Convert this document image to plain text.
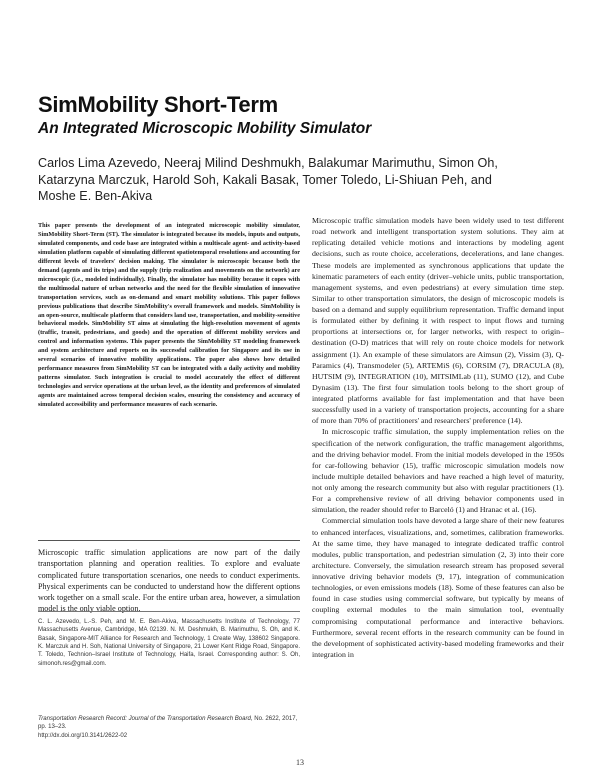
SimMobility Short-Term
An Integrated Microscopic Mobility Simulator
Carlos Lima Azevedo, Neeraj Milind Deshmukh, Balakumar Marimuthu, Simon Oh, Katarzyna Marczuk, Harold Soh, Kakali Basak, Tomer Toledo, Li-Shiuan Peh, and Moshe E. Ben-Akiva

This paper presents the development of an integrated microscopic mobility simulator, SimMobility Short-Term (ST). The simulator is integrated because its models, inputs and outputs, simulated components, and code base are integrated within a multiscale agent- and activity-based simulation platform capable of simulating different spatiotemporal resolutions and accounting for different levels of travelers' decision making. The simulator is microscopic because both the demand (agents and its trips) and the supply (trip realization and movements on the network) are microscopic (i.e., modeled individually). Finally, the simulator has mobility because it copes with the multimodal nature of urban networks and the need for the flexible simulation of innovative transportation services, such as on-demand and smart mobility solutions. This paper follows previous publications that describe SimMobility's overall framework and models. SimMobility is an open-source, multiscale platform that considers land use, transportation, and mobility-sensitive behavioral models. SimMobility ST aims at simulating the high-resolution movement of agents (traffic, transit, pedestrians, and goods) and the operation of different mobility services and control and information systems. This paper presents the SimMobility ST modeling framework and system architecture and reports on its successful calibration for Singapore and its use in several scenarios of innovative mobility applications. The paper also shows how detailed performance measures from SimMobility ST can be integrated with a daily activity and mobility patterns simulator. Such integration is crucial to model accurately the effect of different technologies and service operations at the urban level, as the identity and preferences of simulated agents are maintained across temporal decision scales, ensuring the consistency and accuracy of simulated accessibility and performance measures of each scenario.

Microscopic traffic simulation applications are now part of the daily transportation planning and operation realities. To explore and evaluate complicated future transportation scenarios, one needs to conduct experiments. Physical experiments can be conducted to understand how the different options work together on a small scale. For the entire urban area, however, a simulation model is the only viable option.

C. L. Azevedo, L.-S. Peh, and M. E. Ben-Akiva, Massachusetts Institute of Technology, 77 Massachusetts Avenue, Cambridge, MA 02139. N. M. Deshmukh, B. Marimuthu, S. Oh, and K. Basak, Singapore-MIT Alliance for Research and Technology, 1 Create Way, 138602 Singapore. K. Marczuk and H. Soh, National University of Singapore, 21 Lower Kent Ridge Road, Singapore. T. Toledo, Technion–Israel Institute of Technology, Haifa, Israel. Corresponding author: S. Oh, simonoh.res@gmail.com.

Transportation Research Record: Journal of the Transportation Research Board, No. 2622, 2017, pp. 13–23.

http://dx.doi.org/10.3141/2622-02

Microscopic traffic simulation models have been widely used to test different road network and intelligent transportation system solutions. They aim at replicating detailed vehicle motions and interactions by modeling agent decisions, such as route choice, accelerations, decelerations, and lane changes. These models are implemented as synchronous applications that update the kinematic parameters of each entity (driver–vehicle units, public transportation, management systems, and even pedestrians) at every simulation time step. Similar to other transportation simulators, the design of microscopic models is based on a demand and supply equilibrium representation. Traffic demand input is formulated either by defining it with respect to input flows and turning proportions at intersections or, for larger networks, with respect to origin–destination (O-D) matrices that will rely on route choice models for network assignment (1). An example of these simulators are Aimsun (2), Vissim (3), Q-Paramics (4), Transmodeler (5), ARTEMiS (6), CORSIM (7), DRACULA (8), HUTSIM (9), INTEGRATION (10), MITSIMLab (11), SUMO (12), and Cube Dynasim (13). The first four simulation tools belong to the short group of integrated platforms available for fast implementation and that have been successfully used in a variety of transportation projects, accounting for a share of more than 70% of practitioners' and researchers' preference (14).

In microscopic traffic simulation, the supply implementation relies on the specification of the network configuration, the traffic management algorithms, and the driving behavior model. From the initial models developed in the 1950s for car-following behavior (15), traffic microscopic simulation models now include multiple detailed behaviors and have reached a high level of maturity, not only among the research community but also with regular practitioners (1). For a comprehensive review of all driving behavior components used in simulation, the reader should refer to Barceló (1) and Hranac et al. (16).

Commercial simulation tools have devoted a large share of their new features to enhanced interfaces, visualizations, and, sometimes, calibration frameworks. At the same time, they have managed to integrate dedicated traffic control modules, public transportation, and pedestrian simulation (2, 3) into their core architecture. Conversely, the simulation research stream has proposed several innovative driving behavior models (9, 17), integration of communication technologies, or even emissions models (18). Some of these features can also be found in case studies using commercial software, but typically by means of coupling external modules to the main simulation tool, eventually compromising computational performance and interactive behaviors. Furthermore, several recent efforts in the research community can be found in the development of sophisticated activity-based modeling frameworks and their integration in

13
